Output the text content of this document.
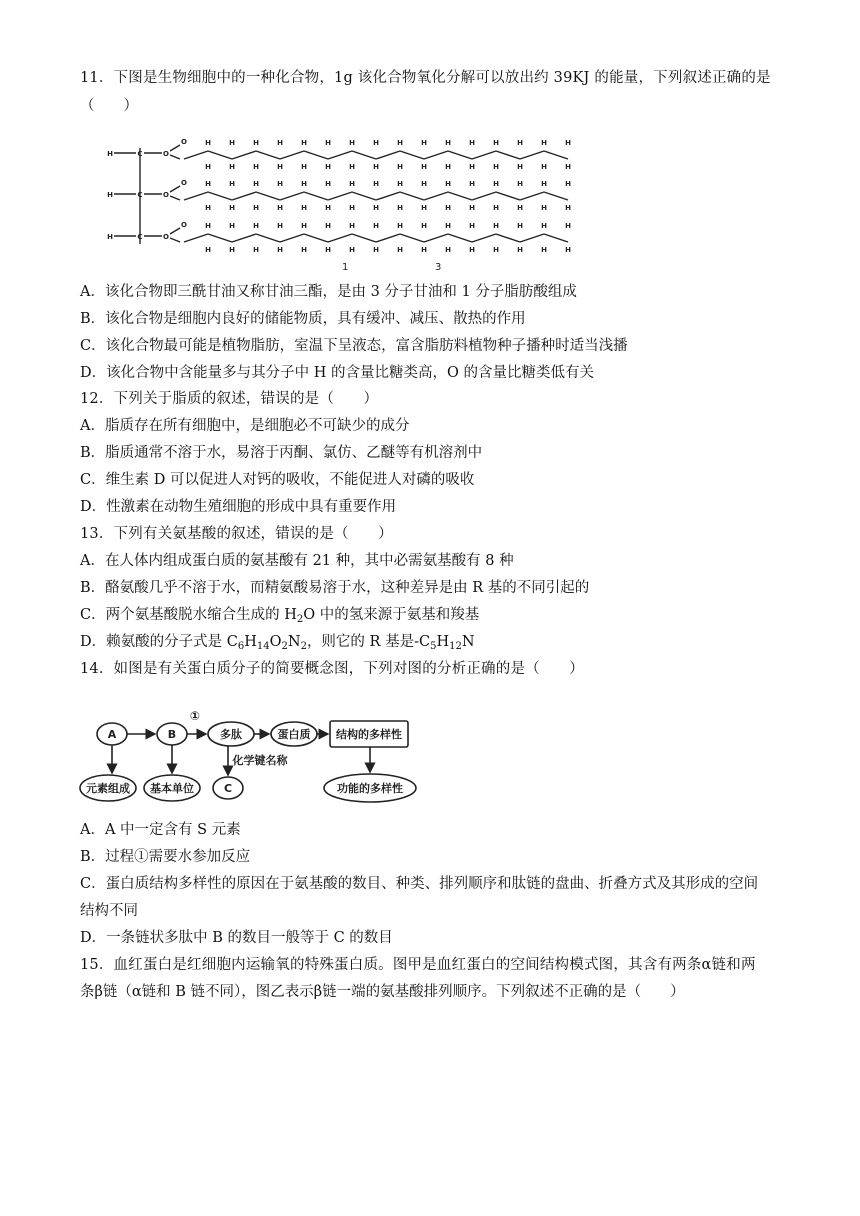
11．下图是生物细胞中的一种化合物，1g 该化合物氧化分解可以放出约 39KJ 的能量，下列叙述正确的是
（　　）
H	C	O
O	H
H	H
H	H
H	H
H	H
H	H
H	H
H	H
H	H
H	H
H	H
H	H
H	H
H	H
H	H
H	H
H
H	C	O
O	H
H	H
H	H
H	H
H	H
H	H
H	H
H	H
H	H
H	H
H	H
H	H
H	H
H	H
H	H
H	H
H
H	C	O
O	H
H	H
H	H
H	H
H	H
H	H
H	H
H	H
H	H
H	H
H	H
H	H
H	H
H	H
H	H
H	H
H
1	3
A．该化合物即三酰甘油又称甘油三酯，是由 3 分子甘油和 1 分子脂肪酸组成
B．该化合物是细胞内良好的储能物质，具有缓冲、减压、散热的作用
C．该化合物最可能是植物脂肪，室温下呈液态，富含脂肪料植物种子播种时适当浅播
D．该化合物中含能量多与其分子中 H 的含量比糖类高，O 的含量比糖类低有关
12．下列关于脂质的叙述，错误的是（　　）
A．脂质存在所有细胞中，是细胞必不可缺少的成分
B．脂质通常不溶于水，易溶于丙酮、氯仿、乙醚等有机溶剂中
C．维生素 D 可以促进人对钙的吸收，不能促进人对磷的吸收
D．性激素在动物生殖细胞的形成中具有重要作用
13．下列有关氨基酸的叙述，错误的是（　　）
A．在人体内组成蛋白质的氨基酸有 21 种，其中必需氨基酸有 8 种
B．酪氨酸几乎不溶于水，而精氨酸易溶于水，这种差异是由 R 基的不同引起的
C．两个氨基酸脱水缩合生成的 $H_2O$ 中的氢来源于氨基和羧基
D．赖氨酸的分子式是 $C_6H_{14}O_2N_2$，则它的 R 基是$-C_5H_{12}N$
14．如图是有关蛋白质分子的简要概念图，下列对图的分析正确的是（　　）
A	B
①
多肽	蛋白质 结构的多样性
化学键名称
C
元素组成 基本单位	功能的多样性
A．A 中一定含有 S 元素
B．过程①需要水参加反应
C．蛋白质结构多样性的原因在于氨基酸的数目、种类、排列顺序和肽链的盘曲、折叠方式及其形成的空间
结构不同
D．一条链状多肽中 B 的数目一般等于 C 的数目
15．血红蛋白是红细胞内运输氧的特殊蛋白质。图甲是血红蛋白的空间结构模式图，其含有两条α链和两
条β链（α链和 B 链不同），图乙表示β链一端的氨基酸排列顺序。下列叙述不正确的是（　　）
